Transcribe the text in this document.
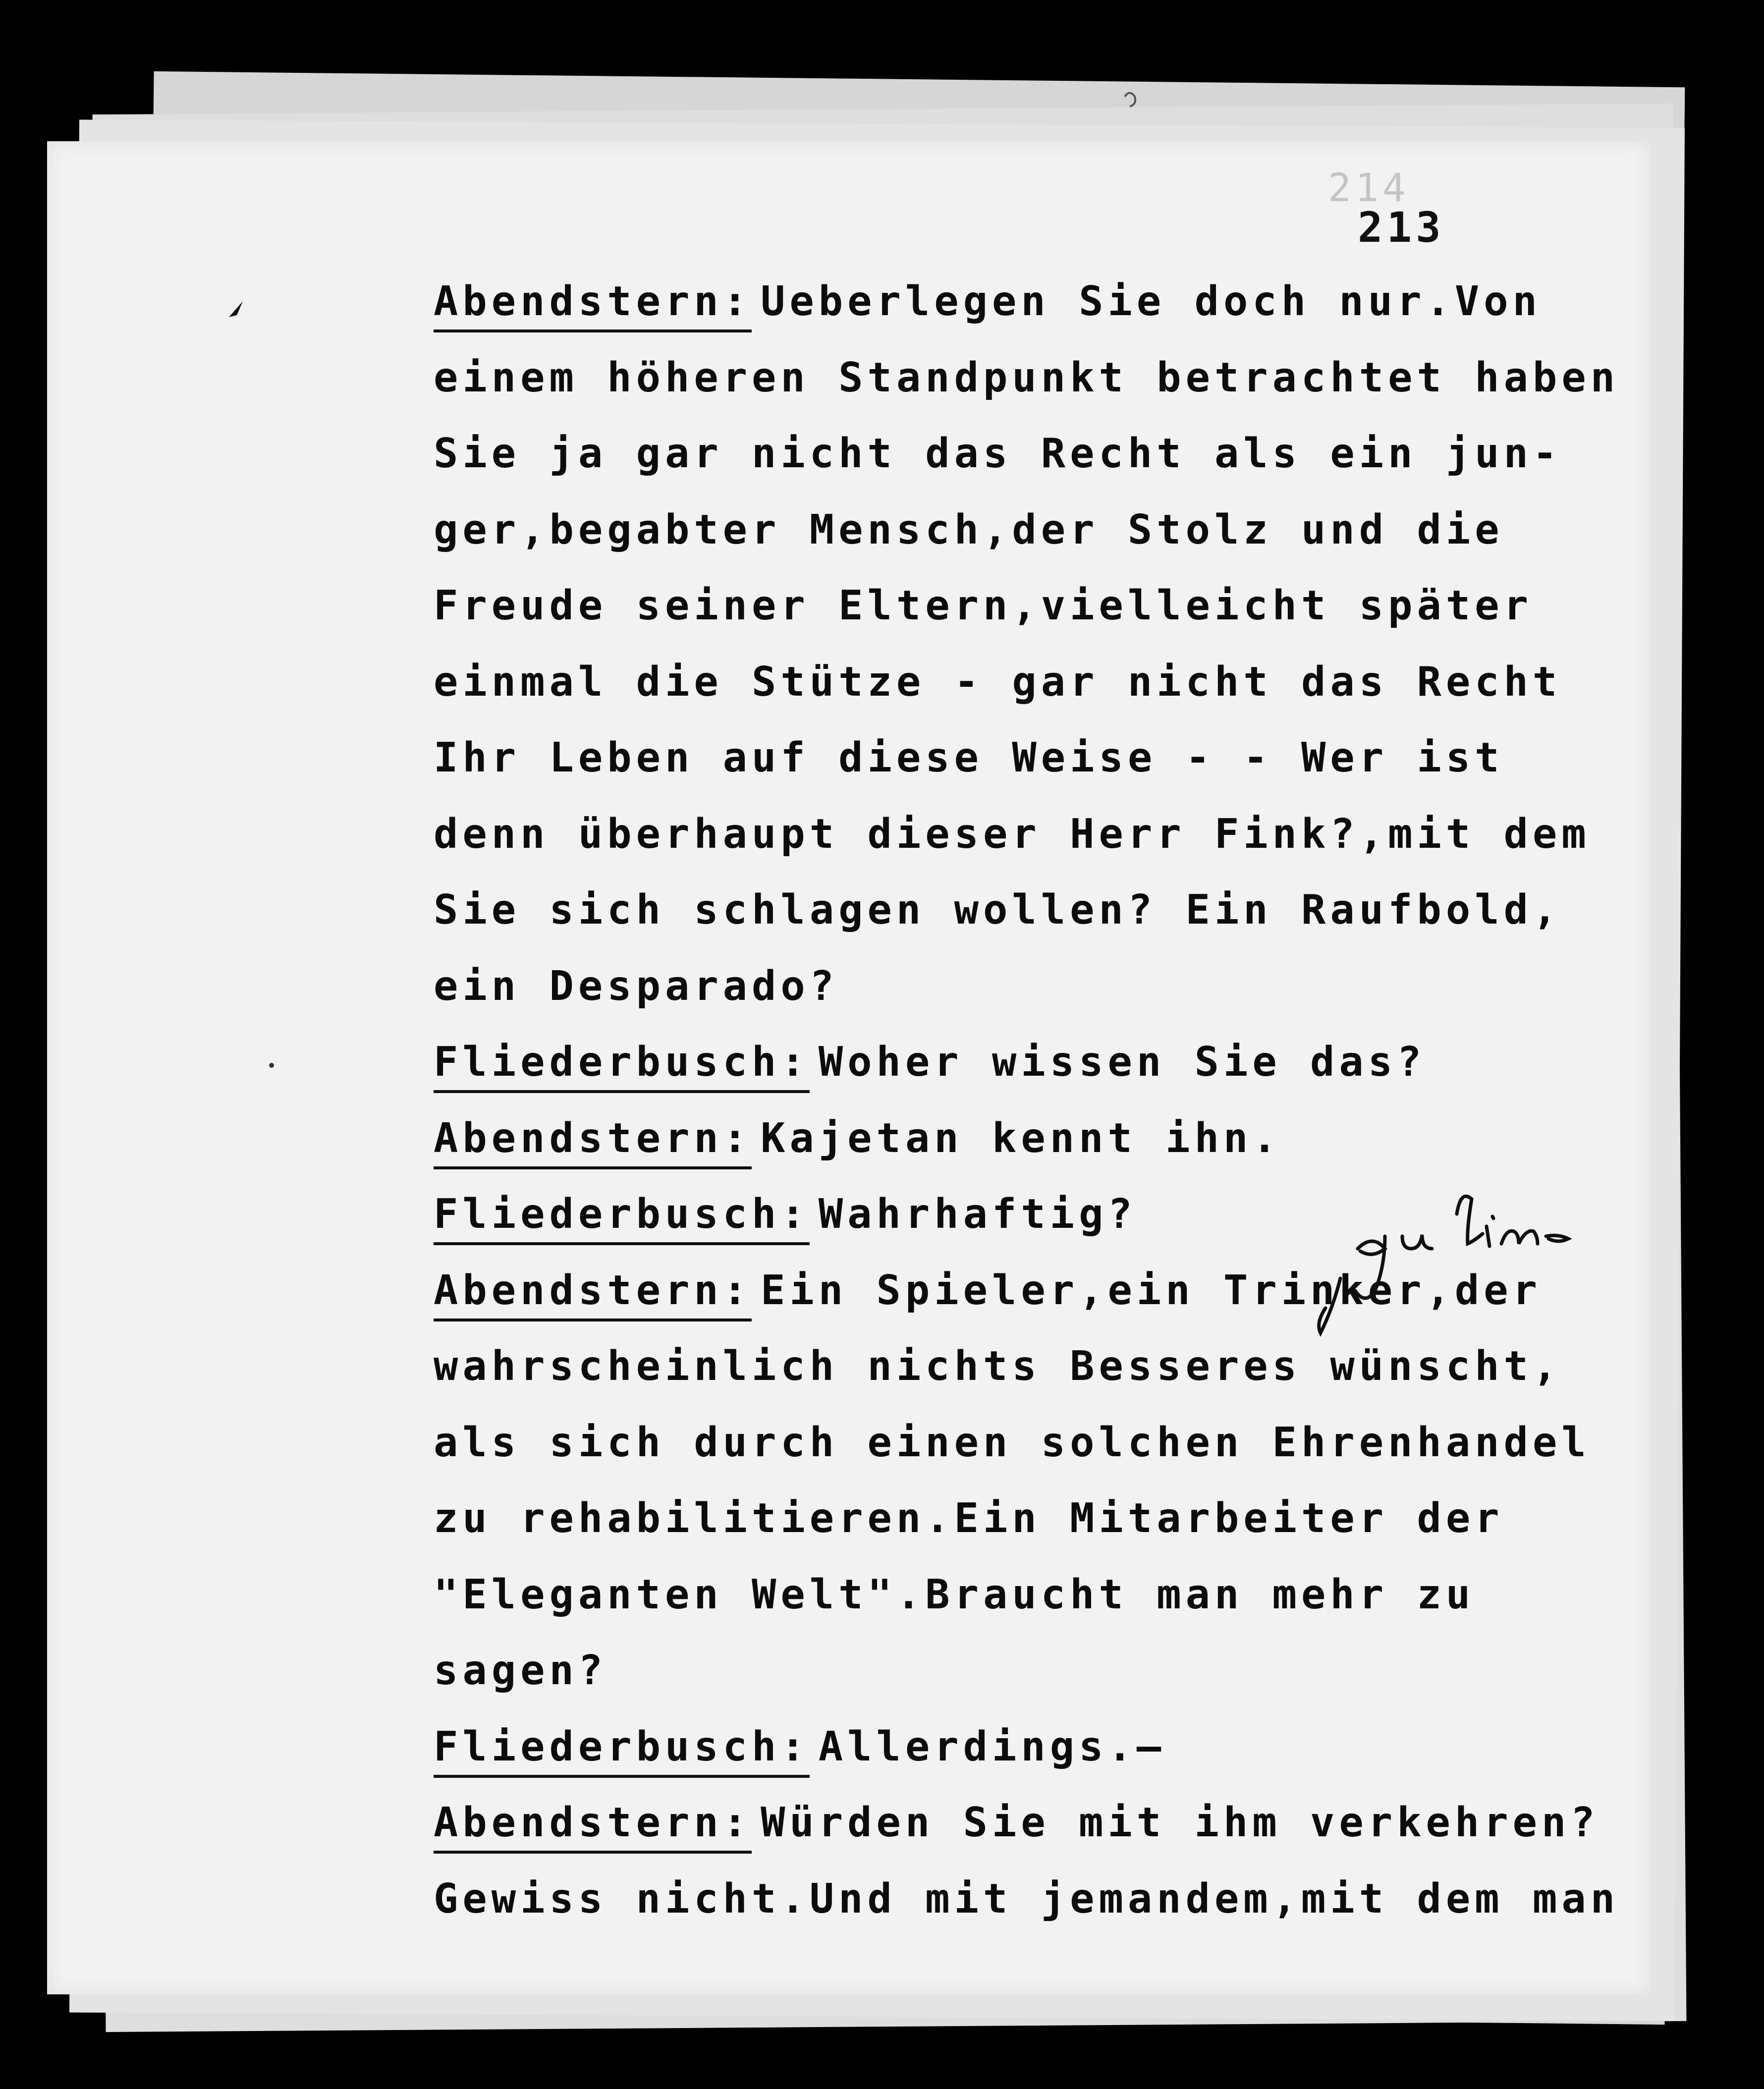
214
213
Abendstern: Ueberlegen Sie doch nur.Von
einem höheren Standpunkt betrachtet haben
Sie ja gar nicht das Recht als ein jun-
ger,begabter Mensch,der Stolz und die
Freude seiner Eltern,vielleicht später
einmal die Stütze - gar nicht das Recht
Ihr Leben auf diese Weise - - Wer ist
denn überhaupt dieser Herr Fink?,mit dem
Sie sich schlagen wollen? Ein Raufbold,
ein Desparado?
Fliederbusch: Woher wissen Sie das?
Abendstern: Kajetan kennt ihn.
Fliederbusch: Wahrhaftig?
Abendstern: Ein Spieler,ein Trinker,der
wahrscheinlich nichts Besseres wünscht,
als sich durch einen solchen Ehrenhandel
zu rehabilitieren.Ein Mitarbeiter der
"Eleganten Welt".Braucht man mehr zu
sagen?
Fliederbusch: Allerdings.—
Abendstern: Würden Sie mit ihm verkehren?
Gewiss nicht.Und mit jemandem,mit dem man
